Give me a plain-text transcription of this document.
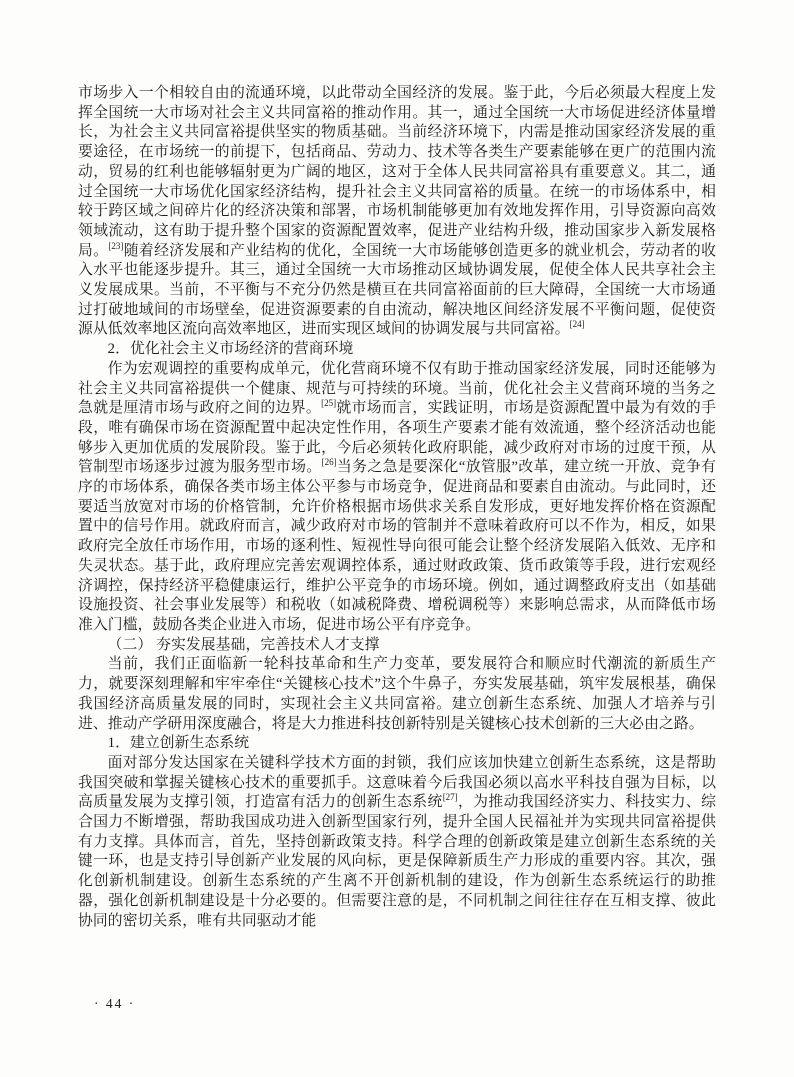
市场步入一个相较自由的流通环境，以此带动全国经济的发展。鉴于此，今后必须最大程度上发挥全国统一大市场对社会主义共同富裕的推动作用。其一，通过全国统一大市场促进经济体量增长，为社会主义共同富裕提供坚实的物质基础。当前经济环境下，内需是推动国家经济发展的重要途径，在市场统一的前提下，包括商品、劳动力、技术等各类生产要素能够在更广的范围内流动，贸易的红利也能够辐射更为广阔的地区，这对于全体人民共同富裕具有重要意义。其二，通过全国统一大市场优化国家经济结构，提升社会主义共同富裕的质量。在统一的市场体系中，相较于跨区域之间碎片化的经济决策和部署，市场机制能够更加有效地发挥作用，引导资源向高效领域流动，这有助于提升整个国家的资源配置效率，促进产业结构升级，推动国家步入新发展格局。[23]随着经济发展和产业结构的优化，全国统一大市场能够创造更多的就业机会，劳动者的收入水平也能逐步提升。其三，通过全国统一大市场推动区域协调发展，促使全体人民共享社会主义发展成果。当前，不平衡与不充分仍然是横亘在共同富裕面前的巨大障碍，全国统一大市场通过打破地域间的市场壁垒，促进资源要素的自由流动，解决地区间经济发展不平衡问题，促使资源从低效率地区流向高效率地区，进而实现区域间的协调发展与共同富裕。[24]

2．优化社会主义市场经济的营商环境

作为宏观调控的重要构成单元，优化营商环境不仅有助于推动国家经济发展，同时还能够为社会主义共同富裕提供一个健康、规范与可持续的环境。当前，优化社会主义营商环境的当务之急就是厘清市场与政府之间的边界。[25]就市场而言，实践证明，市场是资源配置中最为有效的手段，唯有确保市场在资源配置中起决定性作用，各项生产要素才能有效流通，整个经济活动也能够步入更加优质的发展阶段。鉴于此，今后必须转化政府职能，减少政府对市场的过度干预，从管制型市场逐步过渡为服务型市场。[26]当务之急是要深化“放管服”改革，建立统一开放、竞争有序的市场体系，确保各类市场主体公平参与市场竞争，促进商品和要素自由流动。与此同时，还要适当放宽对市场的价格管制，允许价格根据市场供求关系自发形成，更好地发挥价格在资源配置中的信号作用。就政府而言，减少政府对市场的管制并不意味着政府可以不作为，相反，如果政府完全放任市场作用，市场的逐利性、短视性导向很可能会让整个经济发展陷入低效、无序和失灵状态。基于此，政府理应完善宏观调控体系，通过财政政策、货币政策等手段，进行宏观经济调控，保持经济平稳健康运行，维护公平竞争的市场环境。例如，通过调整政府支出（如基础设施投资、社会事业发展等）和税收（如减税降费、增税调税等）来影响总需求，从而降低市场准入门槛，鼓励各类企业进入市场，促进市场公平有序竞争。

（二） 夯实发展基础，完善技术人才支撑

当前，我们正面临新一轮科技革命和生产力变革，要发展符合和顺应时代潮流的新质生产力，就要深刻理解和牢牢牵住“关键核心技术”这个牛鼻子，夯实发展基础，筑牢发展根基，确保我国经济高质量发展的同时，实现社会主义共同富裕。建立创新生态系统、加强人才培养与引进、推动产学研用深度融合，将是大力推进科技创新特别是关键核心技术创新的三大必由之路。

1．建立创新生态系统

面对部分发达国家在关键科学技术方面的封锁，我们应该加快建立创新生态系统，这是帮助我国突破和掌握关键核心技术的重要抓手。这意味着今后我国必须以高水平科技自强为目标，以高质量发展为支撑引领，打造富有活力的创新生态系统[27]，为推动我国经济实力、科技实力、综合国力不断增强，帮助我国成功进入创新型国家行列，提升全国人民福祉并为实现共同富裕提供有力支撑。具体而言，首先，坚持创新政策支持。科学合理的创新政策是建立创新生态系统的关键一环，也是支持引导创新产业发展的风向标，更是保障新质生产力形成的重要内容。其次，强化创新机制建设。创新生态系统的产生离不开创新机制的建设，作为创新生态系统运行的助推器，强化创新机制建设是十分必要的。但需要注意的是，不同机制之间往往存在互相支撑、彼此协同的密切关系，唯有共同驱动才能

· 44 ·
